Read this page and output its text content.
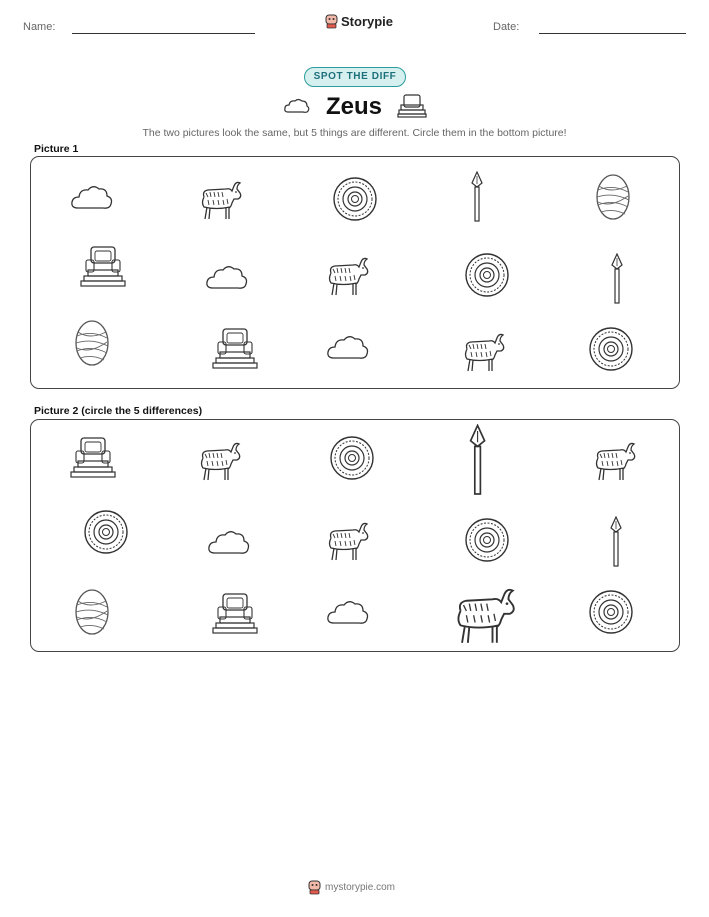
Name:	Storypie	Date:
SPOT THE DIFF
Zeus
The two pictures look the same, but 5 things are different. Circle them in the bottom picture!
Picture 1
Picture 2 (circle the 5 differences)
mystorypie.com
